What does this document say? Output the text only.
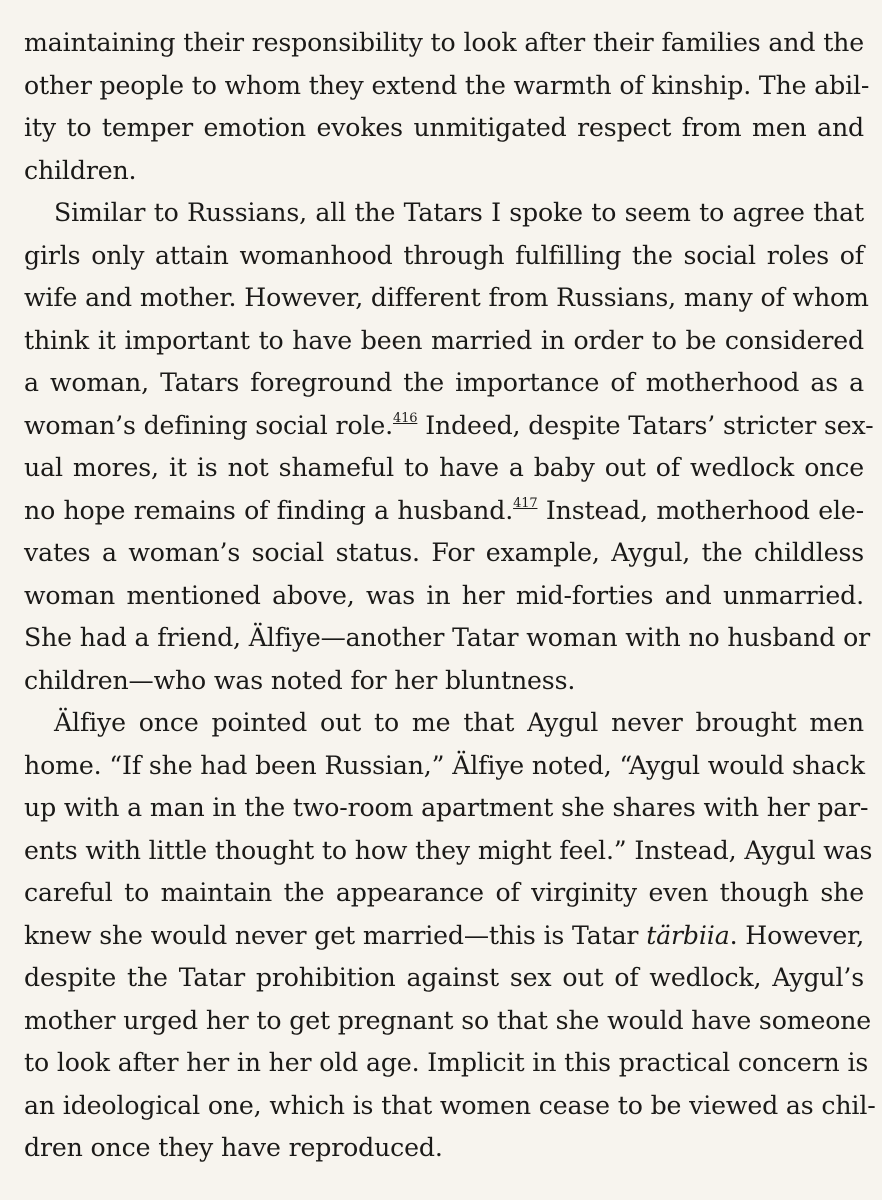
maintaining their responsibility to look after their families and the
other people to whom they extend the warmth of kinship. The abil-
ity to temper emotion evokes unmitigated respect from men and
children.
Similar to Russians, all the Tatars I spoke to seem to agree that
girls only attain womanhood through fulfilling the social roles of
wife and mother. However, different from Russians, many of whom
think it important to have been married in order to be considered
a woman, Tatars foreground the importance of motherhood as a
woman’s defining social role.$^{416}$ Indeed, despite Tatars’ stricter sex-
ual mores, it is not shameful to have a baby out of wedlock once
no hope remains of finding a husband.$^{417}$ Instead, motherhood ele-
vates a woman’s social status. For example, Aygul, the childless
woman mentioned above, was in her mid-forties and unmarried.
She had a friend, Älfiye—another Tatar woman with no husband or
children—who was noted for her bluntness.
Älfiye once pointed out to me that Aygul never brought men
home. “If she had been Russian,” Älfiye noted, “Aygul would shack
up with a man in the two-room apartment she shares with her par-
ents with little thought to how they might feel.” Instead, Aygul was
careful to maintain the appearance of virginity even though she
knew she would never get married—this is Tatar tärbiia. However,
despite the Tatar prohibition against sex out of wedlock, Aygul’s
mother urged her to get pregnant so that she would have someone
to look after her in her old age. Implicit in this practical concern is
an ideological one, which is that women cease to be viewed as chil-
dren once they have reproduced.
